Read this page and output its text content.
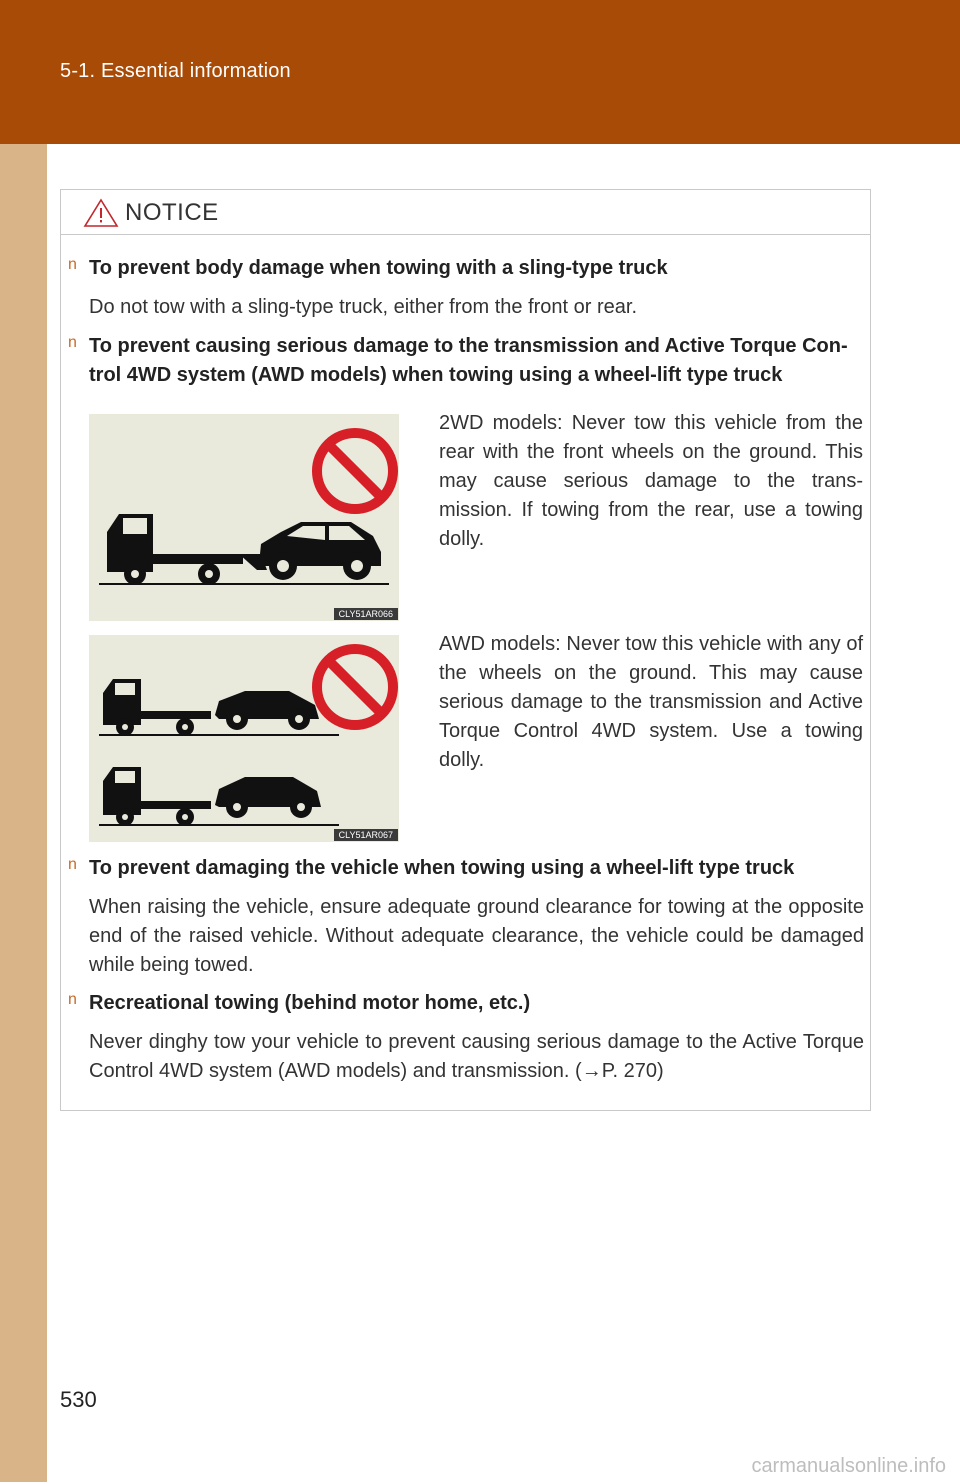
5-1. Essential information
NOTICE
n To prevent body damage when towing with a sling-type truck
Do not tow with a sling-type truck, either from the front or rear.
n To prevent causing serious damage to the transmission and Active Torque Con-trol 4WD system (AWD models) when towing using a wheel-lift type truck
CLY51AR066
2WD models: Never tow this vehicle from the rear with the front wheels on the ground. This may cause serious damage to the trans-mission. If towing from the rear, use a towing dolly.
CLY51AR067
AWD models: Never tow this vehicle with any of the wheels on the ground. This may cause serious damage to the transmission and Active Torque Control 4WD system. Use a towing dolly.
n To prevent damaging the vehicle when towing using a wheel-lift type truck
When raising the vehicle, ensure adequate ground clearance for towing at the opposite end of the raised vehicle. Without adequate clearance, the vehicle could be damaged while being towed.
n Recreational towing (behind motor home, etc.)
Never dinghy tow your vehicle to prevent causing serious damage to the Active Torque Control 4WD system (AWD models) and transmission. (→P. 270)
530
carmanualsonline.info
